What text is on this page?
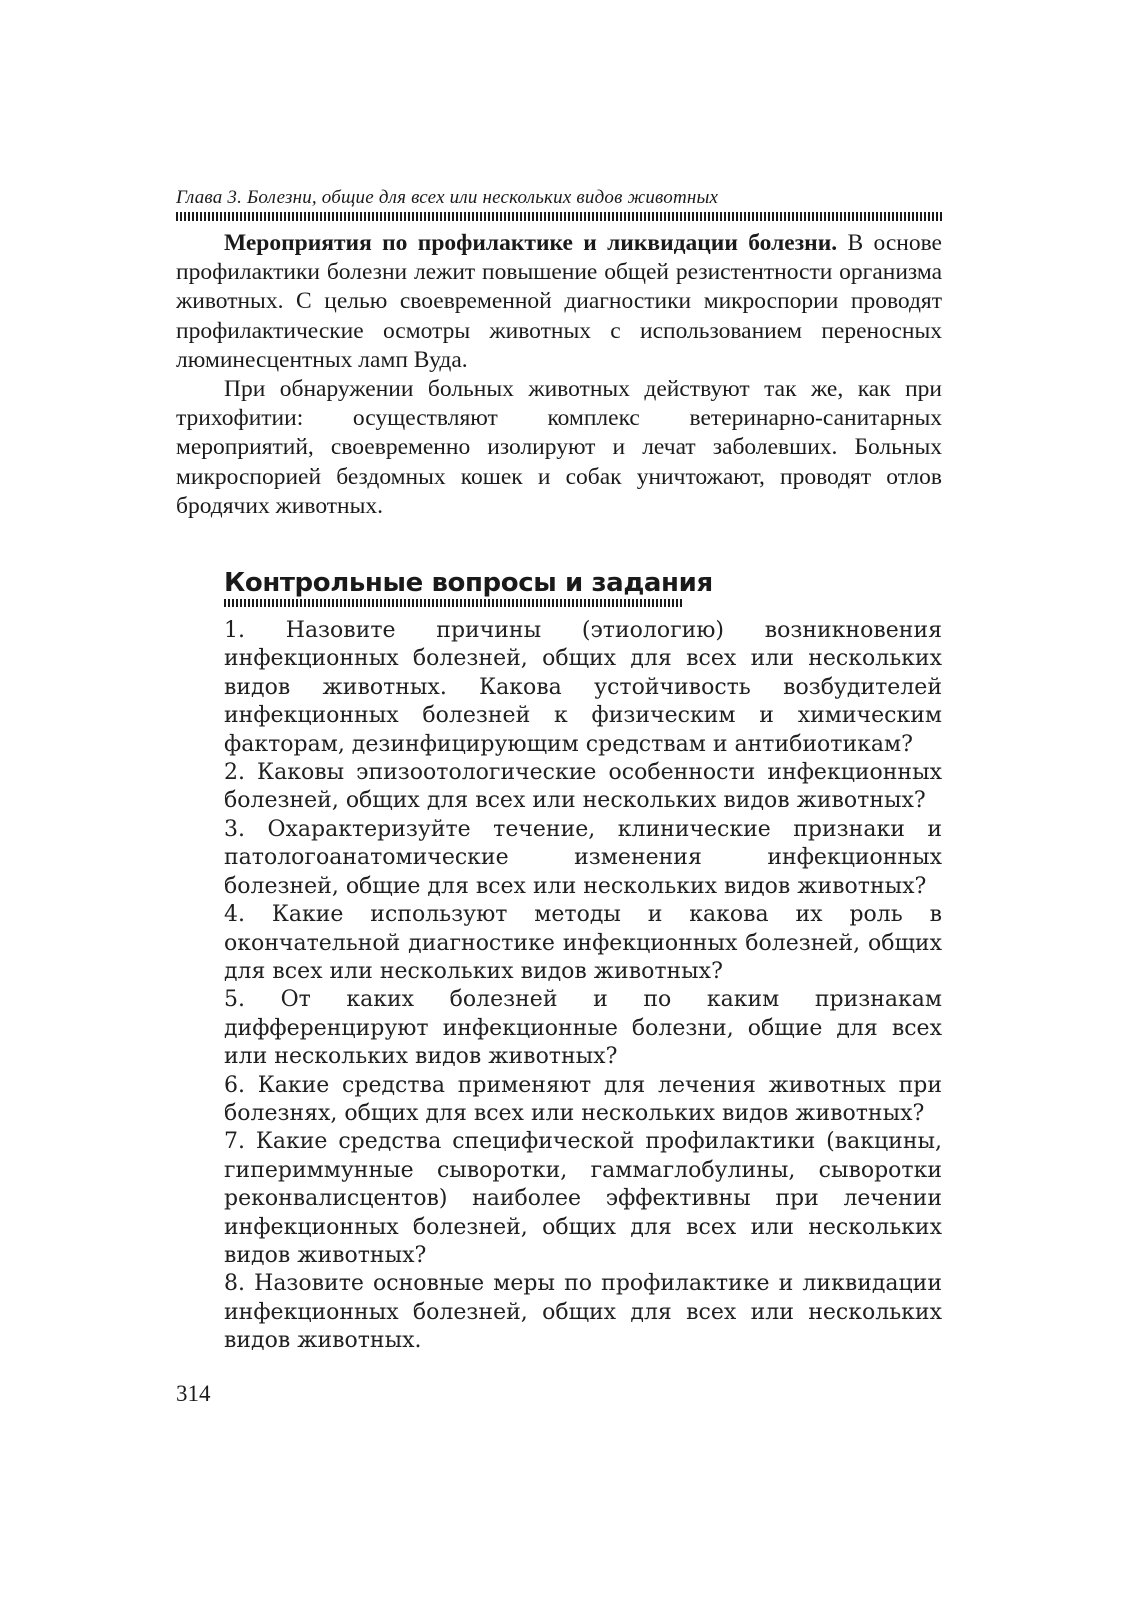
Глава 3. Болезни, общие для всех или нескольких видов животных

Мероприятия по профилактике и ликвидации болезни. В основе профилактики болезни лежит повышение общей резистентности организма животных. С целью своевременной диагностики микроспории проводят профилактические осмотры животных с использованием переносных люминесцентных ламп Вуда.

При обнаружении больных животных действуют так же, как при трихофитии: осуществляют комплекс ветеринарно-санитарных мероприятий, своевременно изолируют и лечат заболевших. Больных микроспорией бездомных кошек и собак уничтожают, проводят отлов бродячих животных.

Контрольные вопросы и задания

1. Назовите причины (этиологию) возникновения инфекционных болезней, общих для всех или нескольких видов животных. Какова устойчивость возбудителей инфекционных болезней к физическим и химическим факторам, дезинфицирующим средствам и антибиотикам?

2. Каковы эпизоотологические особенности инфекционных болезней, общих для всех или нескольких видов животных?

3. Охарактеризуйте течение, клинические признаки и патологоанатомические изменения инфекционных болезней, общие для всех или нескольких видов животных?

4. Какие используют методы и какова их роль в окончательной диагностике инфекционных болезней, общих для всех или нескольких видов животных?

5. От каких болезней и по каким признакам дифференцируют инфекционные болезни, общие для всех или нескольких видов животных?

6. Какие средства применяют для лечения животных при болезнях, общих для всех или нескольких видов животных?

7. Какие средства специфической профилактики (вакцины, гипериммунные сыворотки, гаммаглобулины, сыворотки реконвалисцентов) наиболее эффективны при лечении инфекционных болезней, общих для всех или нескольких видов животных?

8. Назовите основные меры по профилактике и ликвидации инфекционных болезней, общих для всех или нескольких видов животных.

314
